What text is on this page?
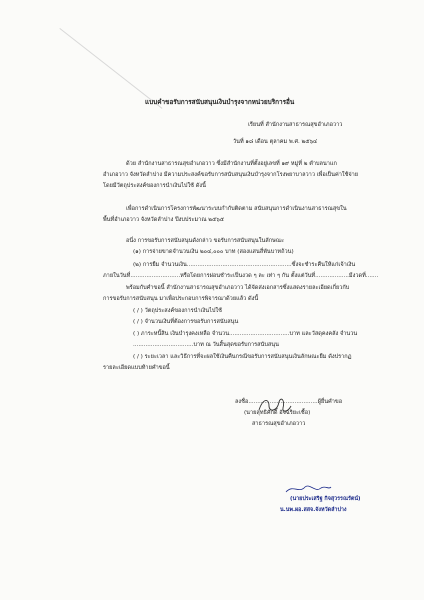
แบบคำขอรับการสนับสนุนเงินบำรุงจากหน่วยบริการอื่น
เรียนที่ สำนักงานสาธารณสุขอำเภอวาว
วันที่ ๑๘ เดือน ตุลาคม พ.ศ. ๒๕๖๔
ด้วย สำนักงานสาธารณสุขอำเภอวาว ซึ่งมีสำนักงานที่ตั้งอยู่เลขที่ ๑๙ หมู่ที่ ๒ ตำบลนาแก
อำเภอวาว จังหวัดลำปาง มีความประสงค์ขอรับการสนับสนุนเงินบำรุงจากโรงพยาบาลวาว เพื่อเป็นค่าใช้จ่าย
โดยมีวัตถุประสงค์ของการนำเงินไปใช้ ดังนี้
เพื่อการดำเนินการโครงการพัฒนาระบบกำกับติดตาม สนับสนุนการดำเนินงานสาธารณสุขใน
พื้นที่อำเภอวาว จังหวัดลำปาง ปีงบประมาณ ๒๕๖๕
อนึ่ง การขอรับการสนับสนุนดังกล่าว ขอรับการสนับสนุนในลักษณะ
(๑) การจ่ายขาดจำนวนเงิน ๒๐๔,๐๐๐ บาท (สองแสนสี่พันบาทถ้วน)
(๒) การยืม จำนวนเงิน...........................................................ซึ่งจะชำระคืนให้แก่เจ้าเงิน
ภายในวันที่............................หรือโดยการผ่อนชำระเป็นงวด ๆ ละ เท่า ๆ กัน ตั้งแต่วันที่...................มีงวดที่.......
พร้อมกับคำขอนี้ สำนักงานสาธารณสุขอำเภอวาว ได้จัดส่งเอกสารซึ่งแสดงรายละเอียดเกี่ยวกับ
การขอรับการสนับสนุน มาเพื่อประกอบการพิจารณาด้วยแล้ว ดังนี้
( / ) วัตถุประสงค์ของการนำเงินไปใช้
( / ) จำนวนเงินที่ต้องการขอรับการสนับสนุน
( ) ภาระหนี้สิน เงินบำรุงคงเหลือ จำนวน..................................บาท และวัสดุคงคลัง จำนวน
..................................บาท ณ วันสิ้นสุดขอรับการสนับสนุน
( / ) ระยะเวลา และวิธีการที่จะผลใช้เงินคืนกรณีขอรับการสนับสนุนเงินลักษณะยืม ดังปรากฏ
รายละเอียดแบบท้ายคำขอนี้
ลงชื่อ.......................................ผู้ยื่นคำขอ
(นายสุทธิศักดิ์ อัจฉริยะเชื้อ)
สาธารณสุขอำเภอวาว
(นายประเสริฐ กิจสุวรรณรัตน์)
น.นพ.ผอ.สสจ.จังหวัดลำปาง
